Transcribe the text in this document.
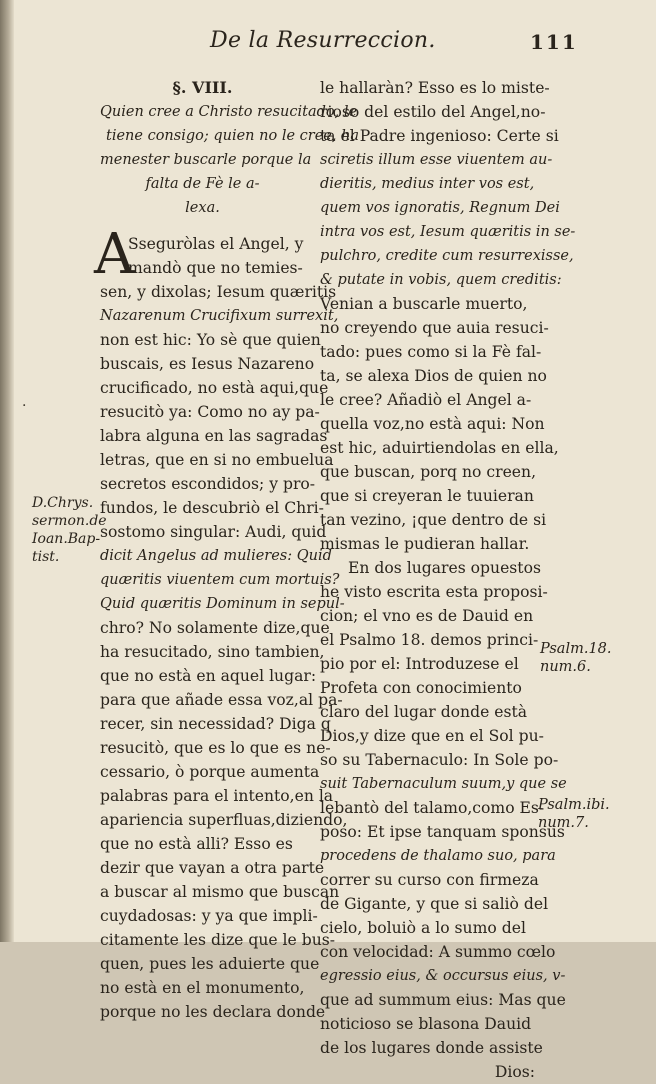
De la Resurreccion.	111
·
§. VIII.
Quien cree a Christo resucitado, le
tiene consigo; quien no le cree, ha
menester buscarle porque la
falta de Fè le a-
lexa.
A
Sseguròlas el Angel, y
mandò que no temies-
sen, y dixolas; Iesum quæritis
Nazarenum Crucifixum surrexit,
non est hic: Yo sè que quien
buscais, es Iesus Nazareno
crucificado, no està aqui,que
resucitò ya: Como no ay pa-
labra alguna en las sagradas
letras, que en si no embuelua
secretos escondidos; y pro-
fundos, le descubriò el Chri-
sostomo singular: Audi, quid
dicit Angelus ad mulieres: Quid
quæritis viuentem cum mortuis?
Quid quæritis Dominum in sepul-
chro? No solamente dize,que
ha resucitado, sino tambien,
que no està en aquel lugar:
para que añade essa voz,al pa-
recer, sin necessidad? Diga q
resucitò, que es lo que es ne-
cessario, ò porque aumenta
palabras para el intento,en la
apariencia superfluas,diziendo,
que no està alli? Esso es
dezir que vayan a otra parte
a buscar al mismo que buscan
cuydadosas: y ya que impli-
citamente les dize que le bus-
quen, pues les aduierte que
no està en el monumento,
porque no les declara donde
le hallaràn? Esso es lo miste-
rioso del estilo del Angel,no-
ta el Padre ingenioso: Certe si
sciretis illum esse viuentem au-
dieritis, medius inter vos est,
quem vos ignoratis, Regnum Dei
intra vos est, Iesum quæritis in se-
pulchro, credite cum resurrexisse,
& putate in vobis, quem creditis:
Venian a buscarle muerto,
no creyendo que auia resuci-
tado: pues como si la Fè fal-
ta, se alexa Dios de quien no
le cree? Añadiò el Angel a-
quella voz,no està aqui: Non
est hic, aduirtiendolas en ella,
que buscan, porq no creen,
que si creyeran le tuuieran
tan vezino, ¡que dentro de si
mismas le pudieran hallar.
En dos lugares opuestos
he visto escrita esta proposi-
cion; el vno es de Dauid en
el Psalmo 18. demos princi-
pio por el: Introduzese el
Profeta con conocimiento
claro del lugar donde està
Dios,y dize que en el Sol pu-
so su Tabernaculo: In Sole po-
suit Tabernaculum suum,y que se
lebantò del talamo,como Es-
poso: Et ipse tanquam sponsus
procedens de thalamo suo, para
correr su curso con firmeza
de Gigante, y que si saliò del
cielo, boluiò a lo sumo del
con velocidad: A summo cœlo
egressio eius, & occursus eius, v-
que ad summum eius: Mas que
noticioso se blasona Dauid
de los lugares donde assiste
Dios:
D.Chrys.
sermon.de
Ioan.Bap-
tist.
Psalm.18.
num.6.
Psalm.ibi.
num.7.
